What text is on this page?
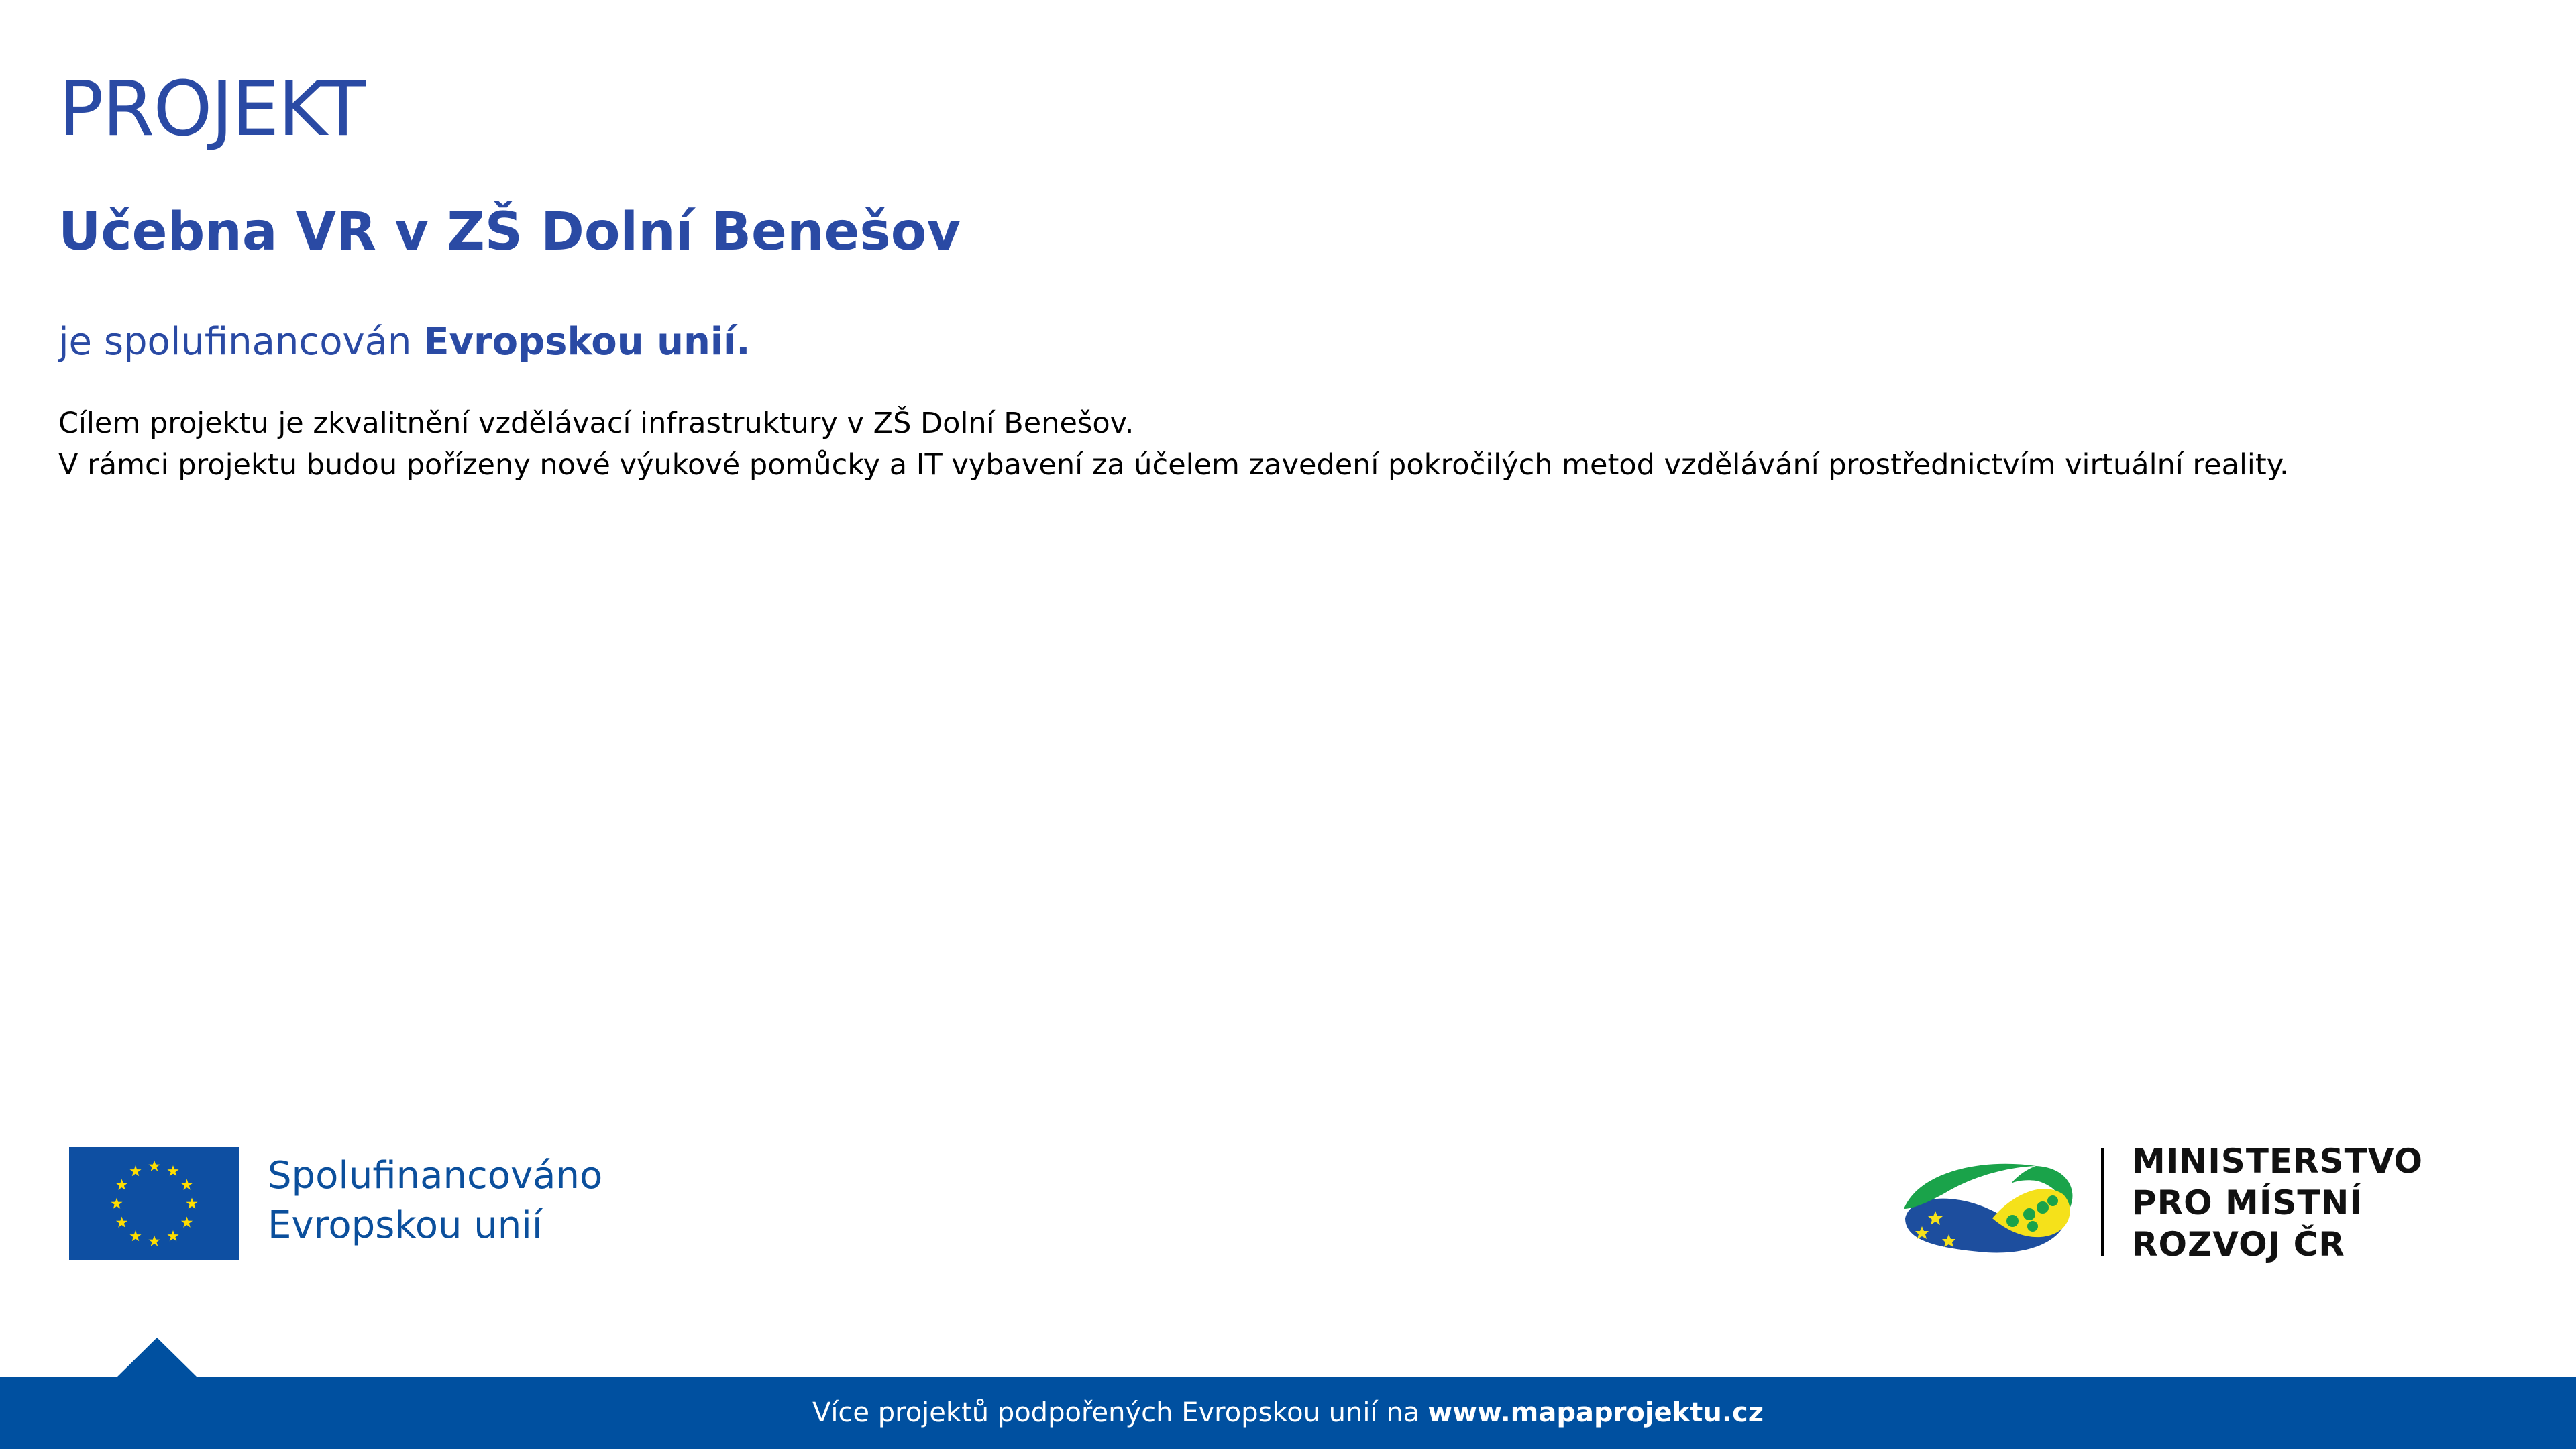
PROJEKT
Učebna VR v ZŠ Dolní Benešov

je spolufinancován Evropskou unií.

Cílem projektu je zkvalitnění vzdělávací infrastruktury v ZŠ Dolní Benešov.
V rámci projektu budou pořízeny nové výukové pomůcky a IT vybavení za účelem zavedení pokročilých metod vzdělávání prostřednictvím virtuální reality.
Spolufinancováno
Evropskou unií
MINISTERSTVO
PRO MÍSTNÍ
ROZVOJ ČR
Více projektů podpořených Evropskou unií na www.mapaprojektu.cz
